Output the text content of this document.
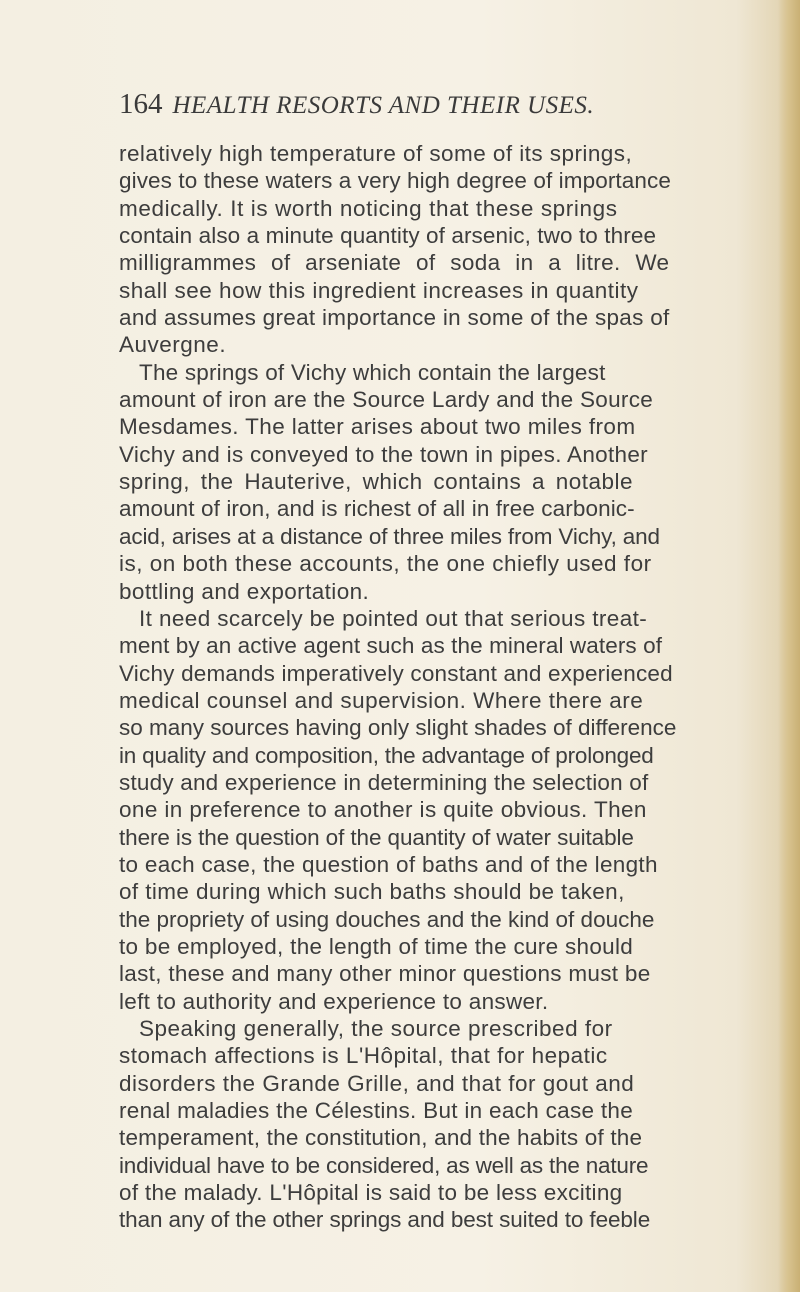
164 HEALTH RESORTS AND THEIR USES.
relatively high temperature of some of its springs,
gives to these waters a very high degree of importance
medically. It is worth noticing that these springs
contain also a minute quantity of arsenic, two to three
milligrammes of arseniate of soda in a litre. We
shall see how this ingredient increases in quantity
and assumes great importance in some of the spas of
Auvergne.
The springs of Vichy which contain the largest
amount of iron are the Source Lardy and the Source
Mesdames. The latter arises about two miles from
Vichy and is conveyed to the town in pipes. Another
spring, the Hauterive, which contains a notable
amount of iron, and is richest of all in free carbonic-
acid, arises at a distance of three miles from Vichy, and
is, on both these accounts, the one chiefly used for
bottling and exportation.
It need scarcely be pointed out that serious treat-
ment by an active agent such as the mineral waters of
Vichy demands imperatively constant and experienced
medical counsel and supervision. Where there are
so many sources having only slight shades of difference
in quality and composition, the advantage of prolonged
study and experience in determining the selection of
one in preference to another is quite obvious. Then
there is the question of the quantity of water suitable
to each case, the question of baths and of the length
of time during which such baths should be taken,
the propriety of using douches and the kind of douche
to be employed, the length of time the cure should
last, these and many other minor questions must be
left to authority and experience to answer.
Speaking generally, the source prescribed for
stomach affections is L'Hôpital, that for hepatic
disorders the Grande Grille, and that for gout and
renal maladies the Célestins. But in each case the
temperament, the constitution, and the habits of the
individual have to be considered, as well as the nature
of the malady. L'Hôpital is said to be less exciting
than any of the other springs and best suited to feeble
